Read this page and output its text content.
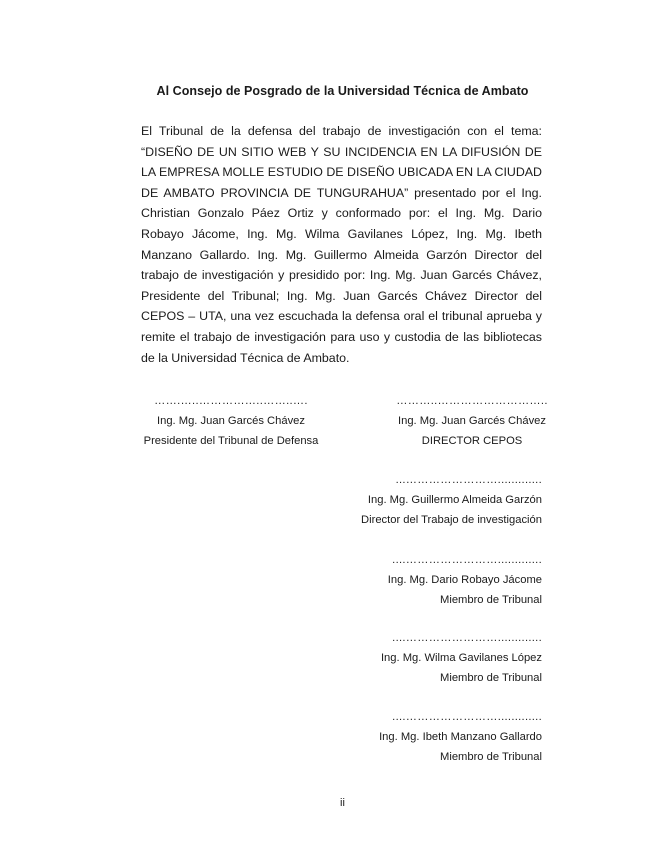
Al Consejo de Posgrado de la Universidad Técnica de Ambato

El Tribunal de la defensa del trabajo de investigación con el tema: “DISEÑO DE UN SITIO WEB Y SU INCIDENCIA EN LA DIFUSIÓN DE LA EMPRESA MOLLE ESTUDIO DE DISEÑO UBICADA EN LA CIUDAD DE AMBATO PROVINCIA DE TUNGURAHUA” presentado por el Ing. Christian Gonzalo Páez Ortiz y conformado por: el Ing. Mg. Dario Robayo Jácome, Ing. Mg. Wilma Gavilanes López, Ing. Mg. Ibeth Manzano Gallardo. Ing. Mg. Guillermo Almeida Garzón Director del trabajo de investigación y presidido por: Ing. Mg. Juan Garcés Chávez, Presidente del Tribunal; Ing. Mg. Juan Garcés Chávez Director del CEPOS – UTA, una vez escuchada la defensa oral el tribunal aprueba y remite el trabajo de investigación para uso y custodia de las bibliotecas de la Universidad Técnica de Ambato.

…….…..……………..……..….
Ing. Mg. Juan Garcés Chávez
Presidente del Tribunal de Defensa
………..………………………..
Ing. Mg. Juan Garcés Chávez
DIRECTOR CEPOS
...…………………….............
Ing. Mg. Guillermo Almeida Garzón
Director del Trabajo de investigación
....…………………….............
Ing. Mg. Dario Robayo Jácome
Miembro de Tribunal
....…………………….............
Ing. Mg. Wilma Gavilanes López
Miembro de Tribunal
....…………………….............
Ing. Mg. Ibeth Manzano Gallardo
Miembro de Tribunal
ii
